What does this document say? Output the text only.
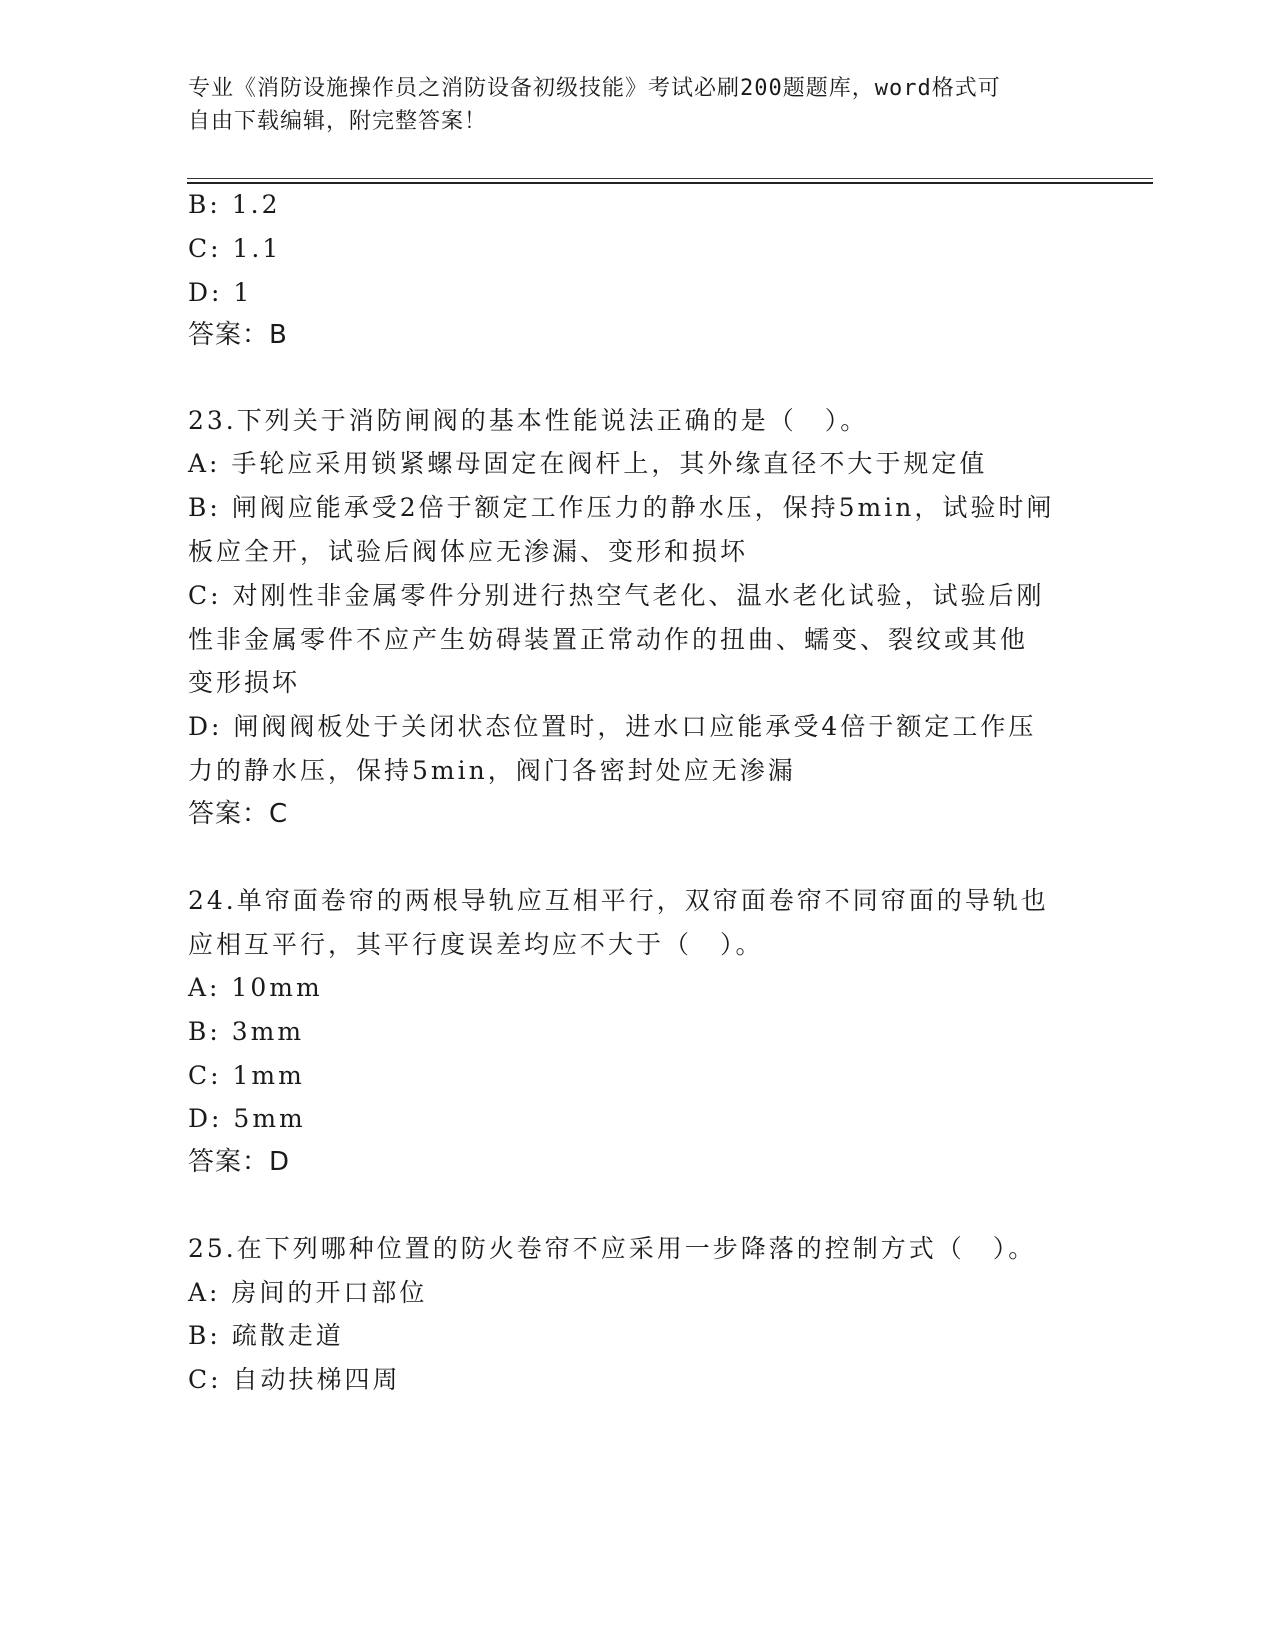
专业《消防设施操作员之消防设备初级技能》考试必刷200题题库，word格式可
自由下载编辑，附完整答案！
B: 1.2
C: 1.1
D: 1
答案：B
23.下列关于消防闸阀的基本性能说法正确的是（　）。
A: 手轮应采用锁紧螺母固定在阀杆上，其外缘直径不大于规定值
B: 闸阀应能承受2倍于额定工作压力的静水压，保持5min，试验时闸
板应全开，试验后阀体应无渗漏、变形和损坏
C: 对刚性非金属零件分别进行热空气老化、温水老化试验，试验后刚
性非金属零件不应产生妨碍装置正常动作的扭曲、蠕变、裂纹或其他
变形损坏
D: 闸阀阀板处于关闭状态位置时，进水口应能承受4倍于额定工作压
力的静水压，保持5min，阀门各密封处应无渗漏
答案：C
24.单帘面卷帘的两根导轨应互相平行，双帘面卷帘不同帘面的导轨也
应相互平行，其平行度误差均应不大于（　）。
A: 10mm
B: 3mm
C: 1mm
D: 5mm
答案：D
25.在下列哪种位置的防火卷帘不应采用一步降落的控制方式（　）。
A: 房间的开口部位
B: 疏散走道
C: 自动扶梯四周
